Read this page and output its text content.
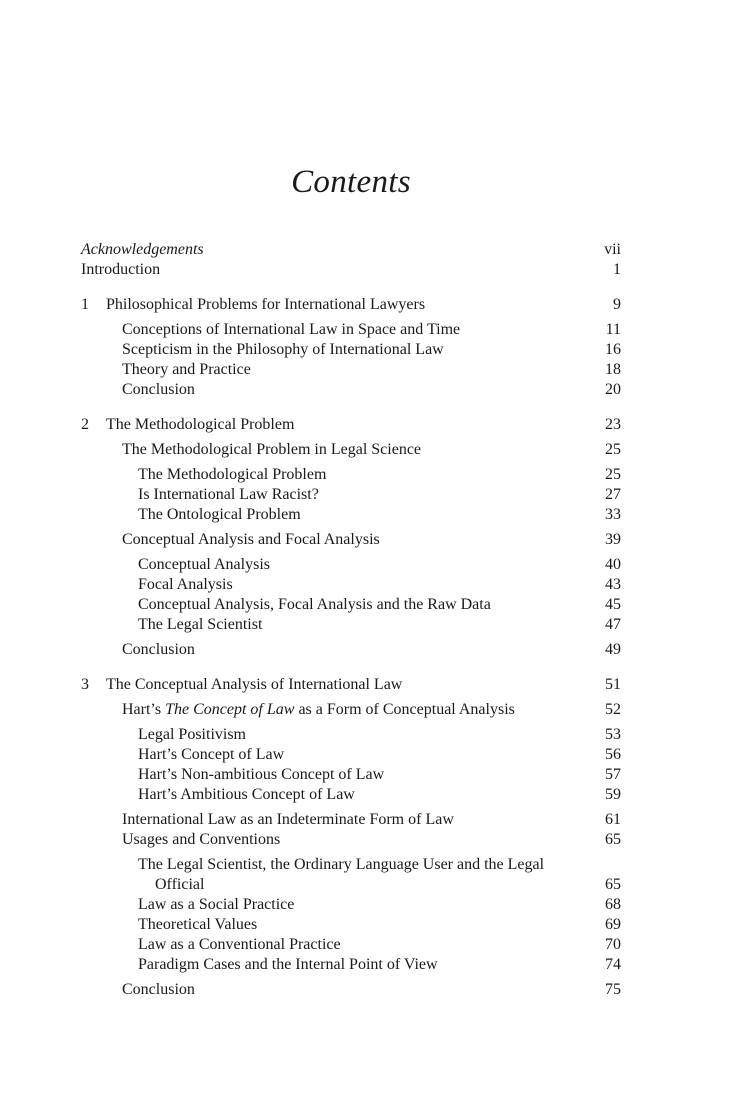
Contents
Acknowledgements	vii
Introduction	1
1	Philosophical Problems for International Lawyers	9
Conceptions of International Law in Space and Time	11
Scepticism in the Philosophy of International Law	16
Theory and Practice	18
Conclusion	20
2	The Methodological Problem	23
The Methodological Problem in Legal Science	25
The Methodological Problem	25
Is International Law Racist?	27
The Ontological Problem	33
Conceptual Analysis and Focal Analysis	39
Conceptual Analysis	40
Focal Analysis	43
Conceptual Analysis, Focal Analysis and the Raw Data	45
The Legal Scientist	47
Conclusion	49
3	The Conceptual Analysis of International Law	51
Hart’s The Concept of Law as a Form of Conceptual Analysis	52
Legal Positivism	53
Hart’s Concept of Law	56
Hart’s Non-ambitious Concept of Law	57
Hart’s Ambitious Concept of Law	59
International Law as an Indeterminate Form of Law	61
Usages and Conventions	65
The Legal Scientist, the Ordinary Language User and the Legal Official	65
Law as a Social Practice	68
Theoretical Values	69
Law as a Conventional Practice	70
Paradigm Cases and the Internal Point of View	74
Conclusion	75
